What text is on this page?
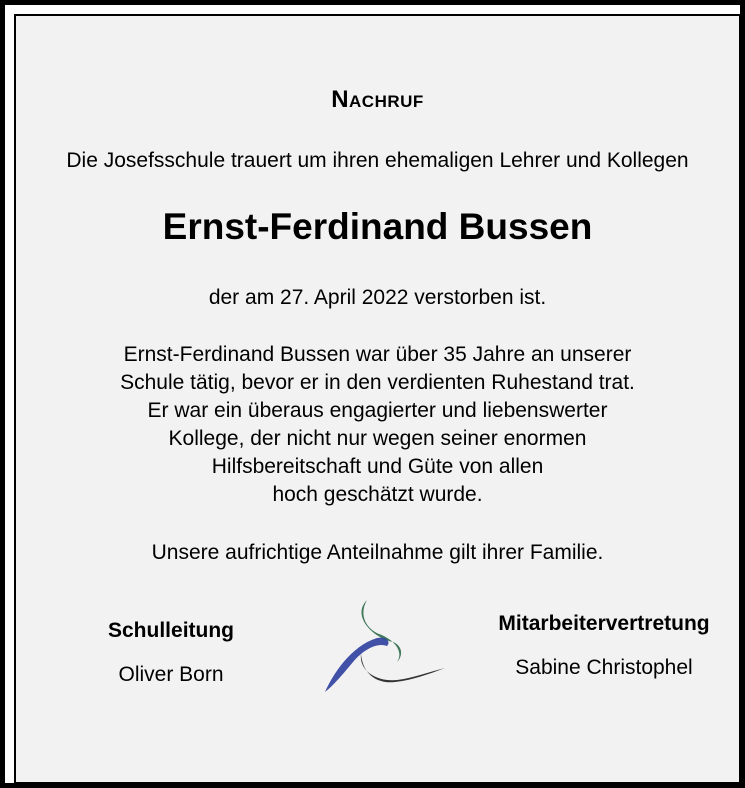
Nachruf
Die Josefsschule trauert um ihren ehemaligen Lehrer und Kollegen
Ernst-Ferdinand Bussen
der am 27. April 2022 verstorben ist.
Ernst-Ferdinand Bussen war über 35 Jahre an unserer
Schule tätig, bevor er in den verdienten Ruhestand trat.
Er war ein überaus engagierter und liebenswerter
Kollege, der nicht nur wegen seiner enormen
Hilfsbereitschaft und Güte von allen
hoch geschätzt wurde.
Unsere aufrichtige Anteilnahme gilt ihrer Familie.
Schulleitung
Oliver Born
Mitarbeitervertretung
Sabine Christophel
